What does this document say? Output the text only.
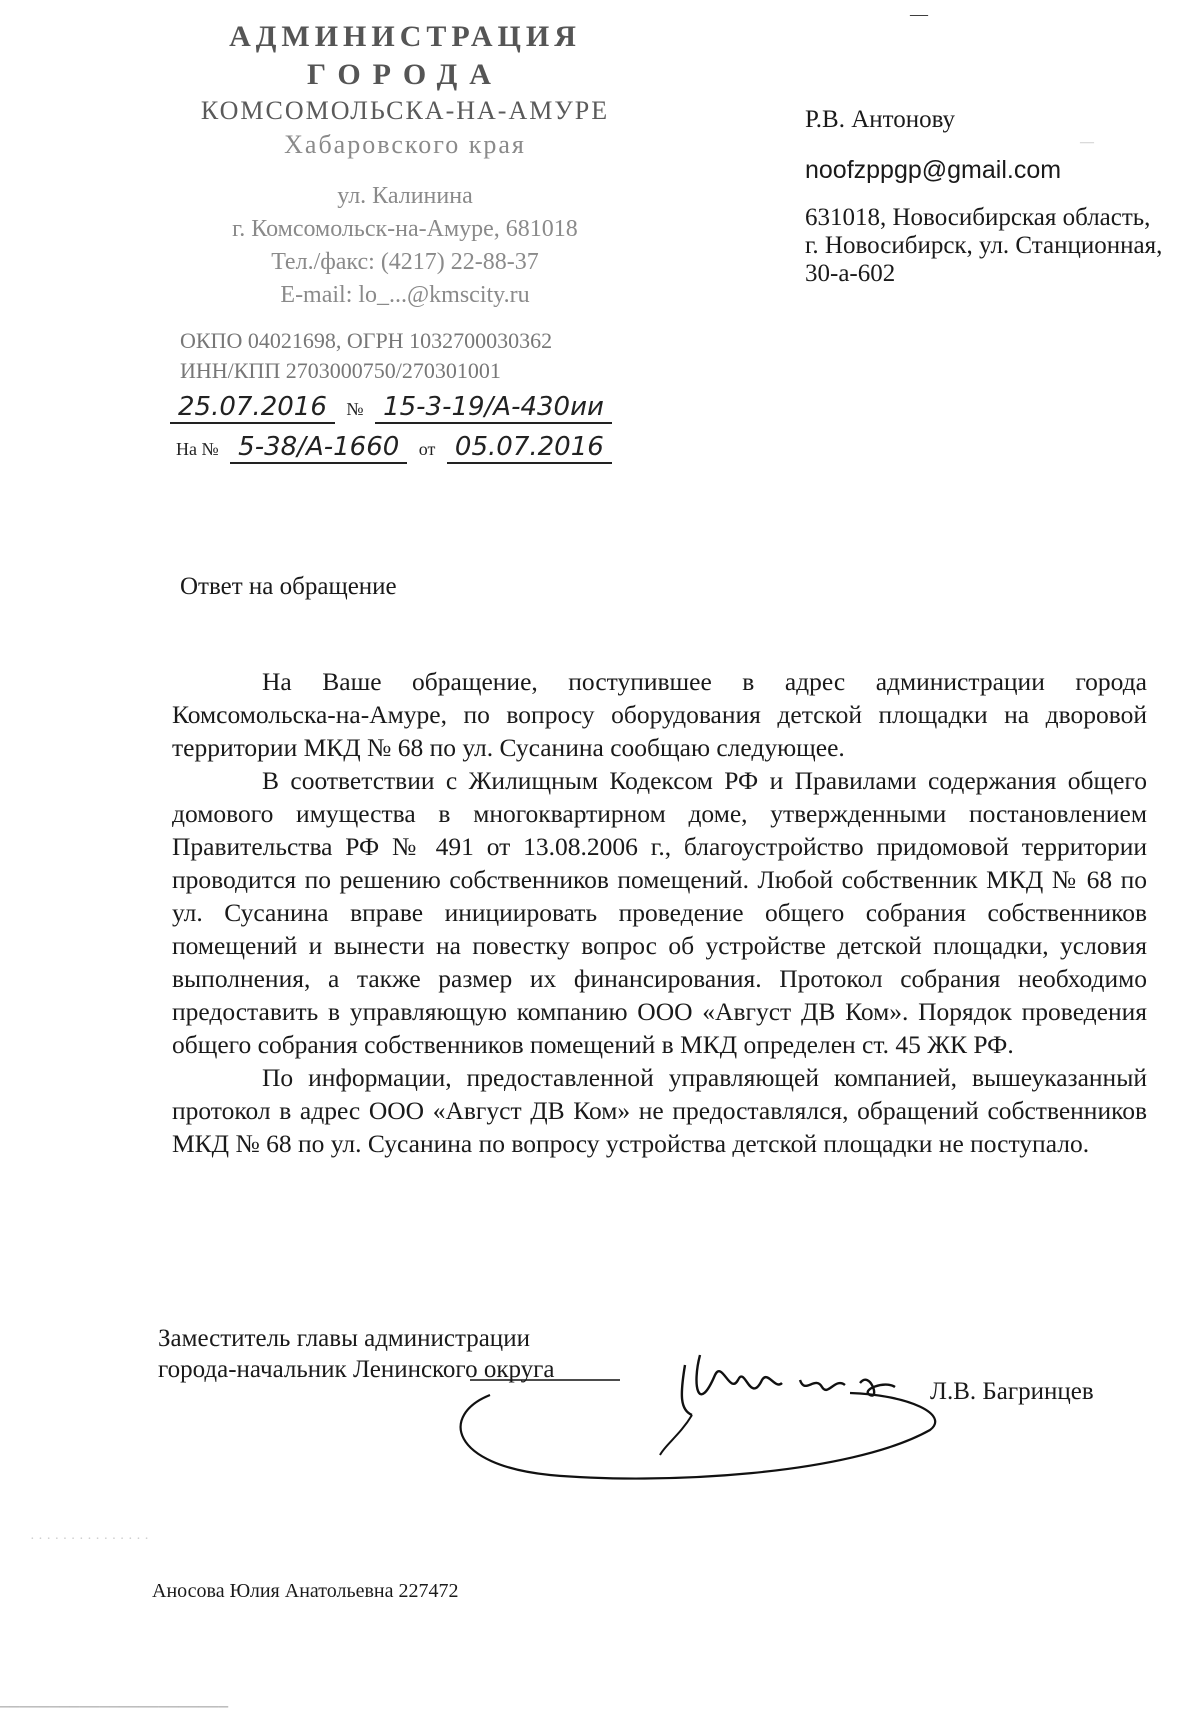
АДМИНИСТРАЦИЯ
ГОРОДА
КОМСОМОЛЬСКА-НА-АМУРЕ
Хабаровского края
ул. Калинина
г. Комсомольск-на-Амуре, 681018
Тел./факс: (4217) 22-88-37
E-mail: lo_...@kmscity.ru
ОКПО 04021698, ОГРН 1032700030362
ИНН/КПП 2703000750/270301001
25.07.2016 № 15-3-19/А-430ии
На № 5-38/А-1660 от 05.07.2016
Р.В. Антонову
noofzppgp@gmail.com
631018, Новосибирская область, г. Новосибирск, ул. Станционная, 30-а-602
Ответ на обращение

На Ваше обращение, поступившее в адрес администрации города Комсомольска-на-Амуре, по вопросу оборудования детской площадки на дворовой территории МКД № 68 по ул. Сусанина сообщаю следующее.

В соответствии с Жилищным Кодексом РФ и Правилами содержания общего домового имущества в многоквартирном доме, утвержденными постановлением Правительства РФ № 491 от 13.08.2006 г., благоустройство придомовой территории проводится по решению собственников помещений. Любой собственник МКД № 68 по ул. Сусанина вправе инициировать проведение общего собрания собственников помещений и вынести на повестку вопрос об устройстве детской площадки, условия выполнения, а также размер их финансирования. Протокол собрания необходимо предоставить в управляющую компанию ООО «Август ДВ Ком». Порядок проведения общего собрания собственников помещений в МКД определен ст. 45 ЖК РФ.

По информации, предоставленной управляющей компанией, вышеуказанный протокол в адрес ООО «Август ДВ Ком» не предоставлялся, обращений собственников МКД № 68 по ул. Сусанина по вопросу устройства детской площадки не поступало.

Заместитель главы администрации
города-начальник Ленинского округа
Л.В. Багринцев
Аносова Юлия Анатольевна 227472
—
—
· · · · · · · · · · · · · · ·
───────────────────────
